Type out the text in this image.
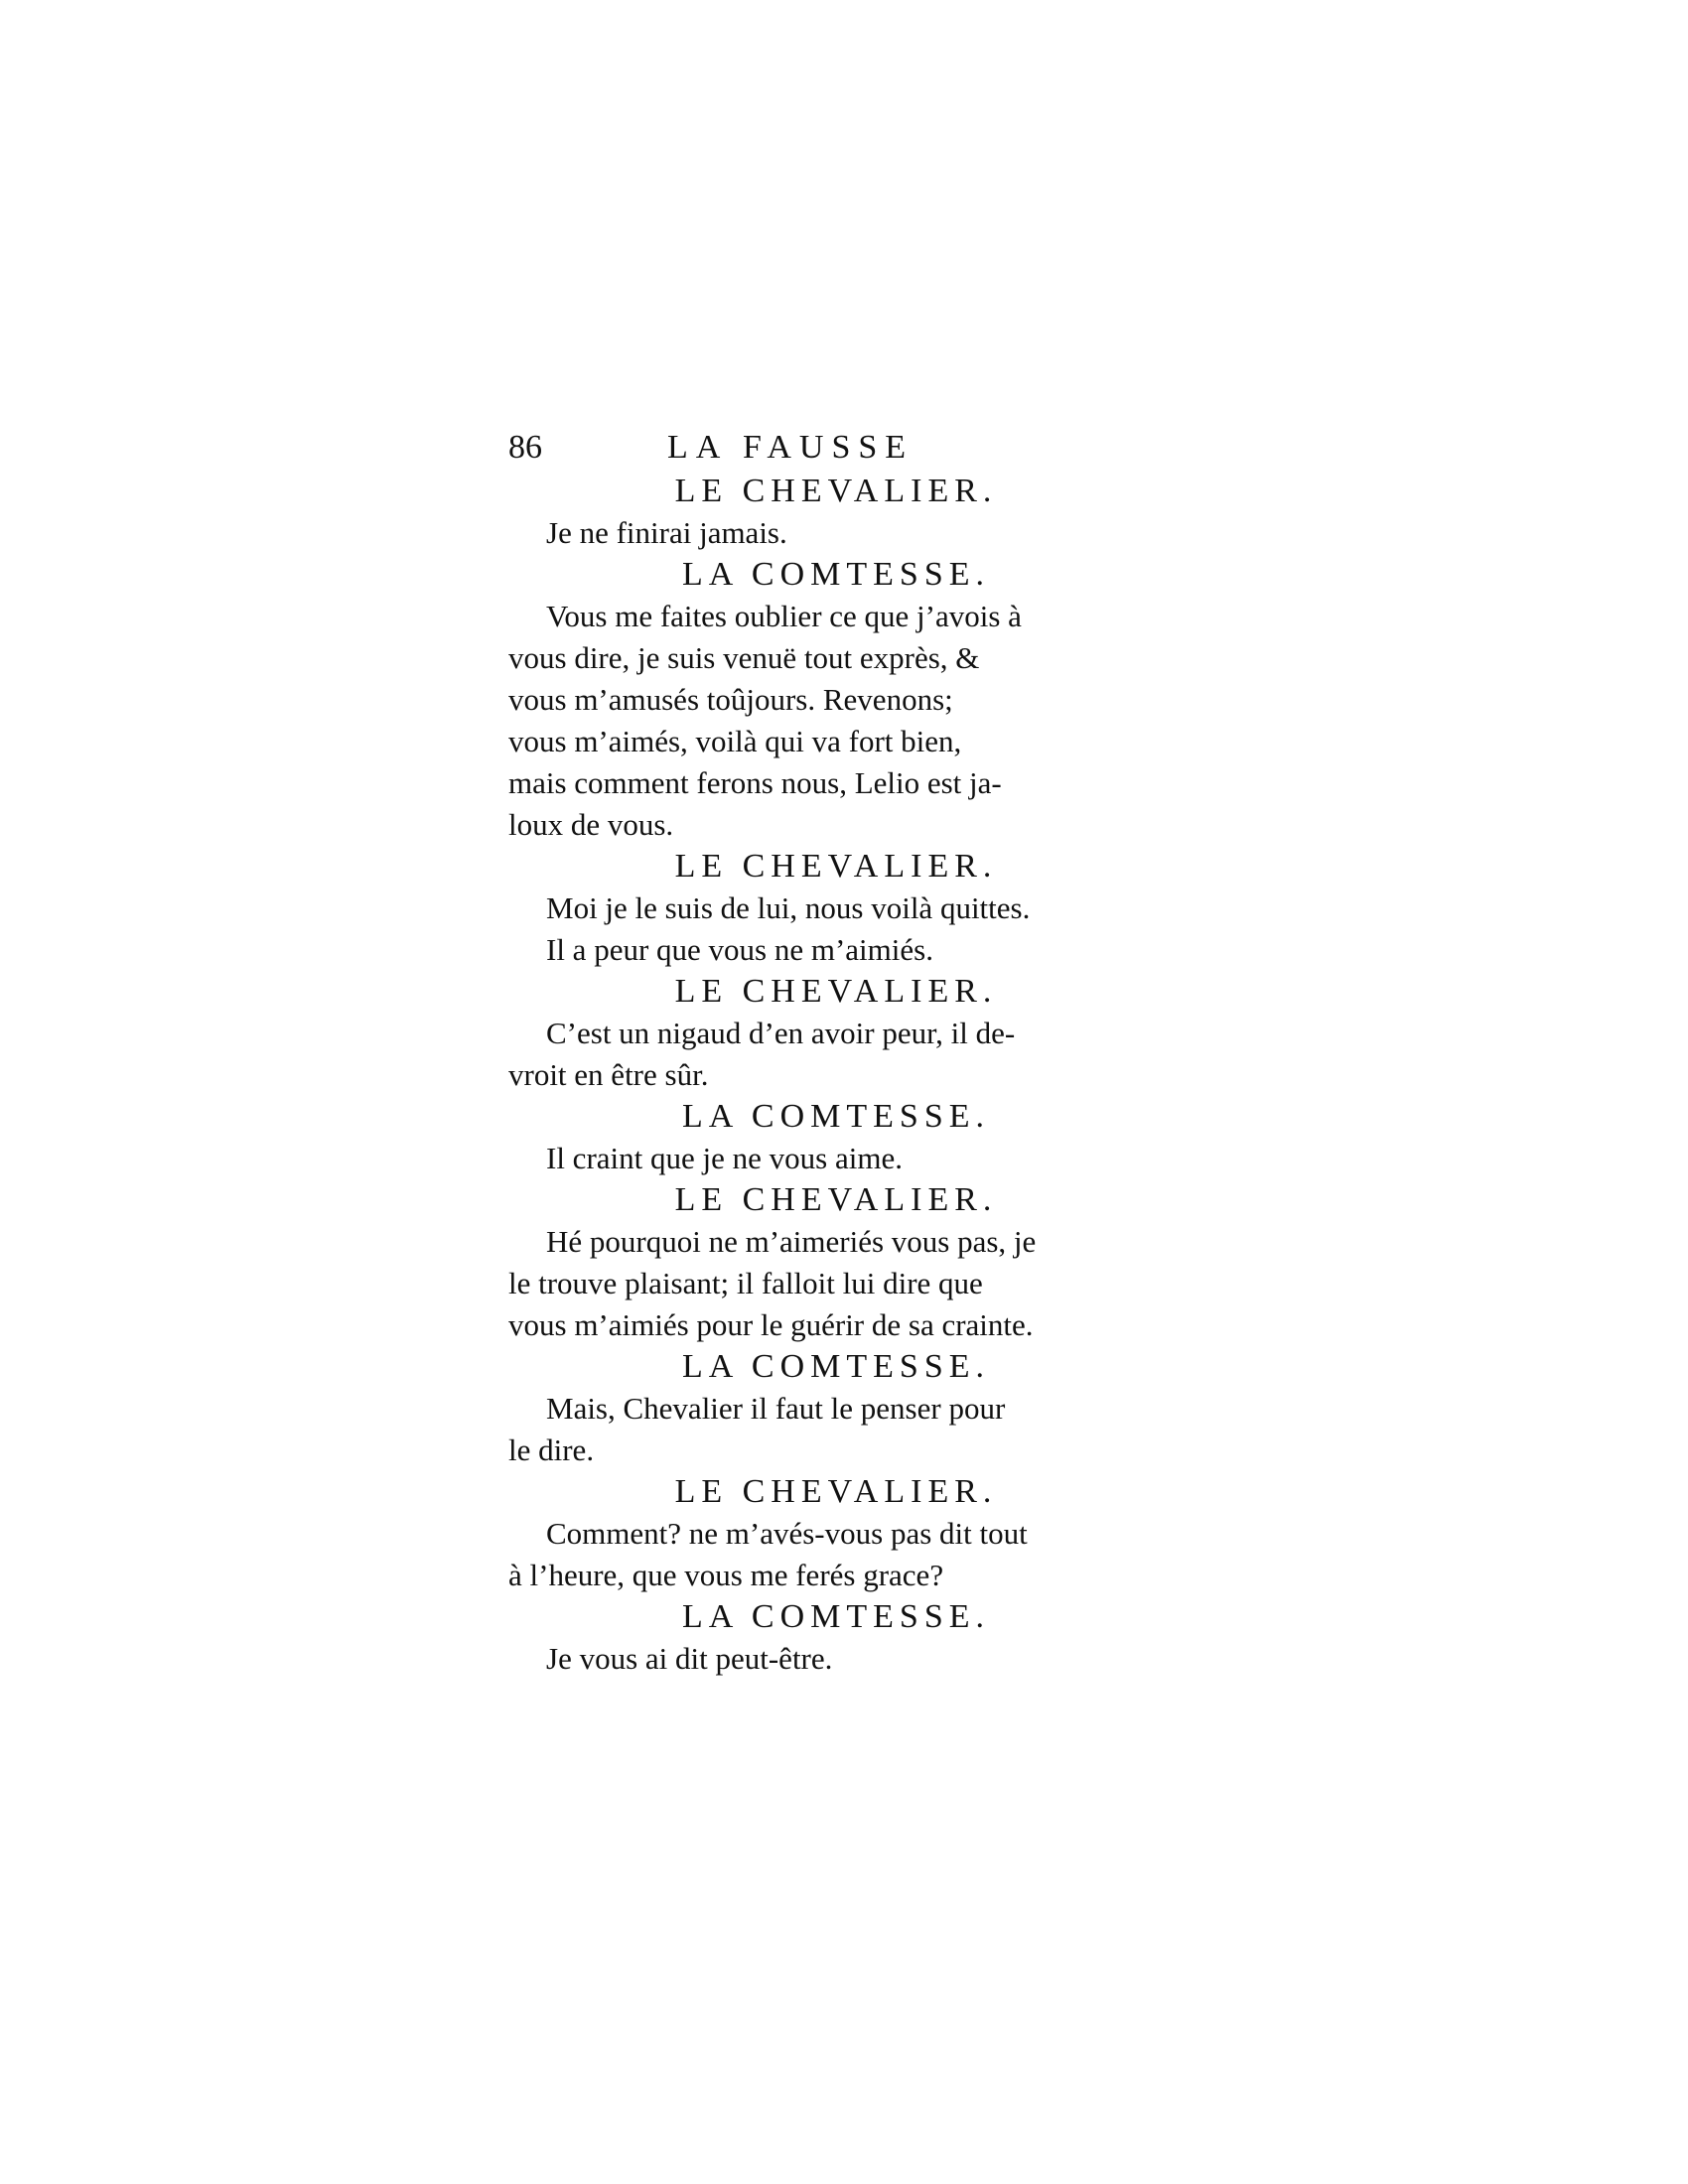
86	LA FAUSSE
LE CHEVALIER.

Je ne finirai jamais.

LA COMTESSE.

Vous me faites oublier ce que j’avois à

vous dire, je suis venuë tout exprès, &

vous m’amusés toûjours. Revenons;

vous m’aimés, voilà qui va fort bien,

mais comment ferons nous, Lelio est ja-

loux de vous.

LE CHEVALIER.

Moi je le suis de lui, nous voilà quittes.

Il a peur que vous ne m’aimiés.

LE CHEVALIER.

C’est un nigaud d’en avoir peur, il de-

vroit en être sûr.

LA COMTESSE.

Il craint que je ne vous aime.

LE CHEVALIER.

Hé pourquoi ne m’aimeriés vous pas, je

le trouve plaisant; il falloit lui dire que

vous m’aimiés pour le guérir de sa crainte.

LA COMTESSE.

Mais, Chevalier il faut le penser pour

le dire.

LE CHEVALIER.

Comment? ne m’avés-vous pas dit tout

à l’heure, que vous me ferés grace?

LA COMTESSE.

Je vous ai dit peut-être.
